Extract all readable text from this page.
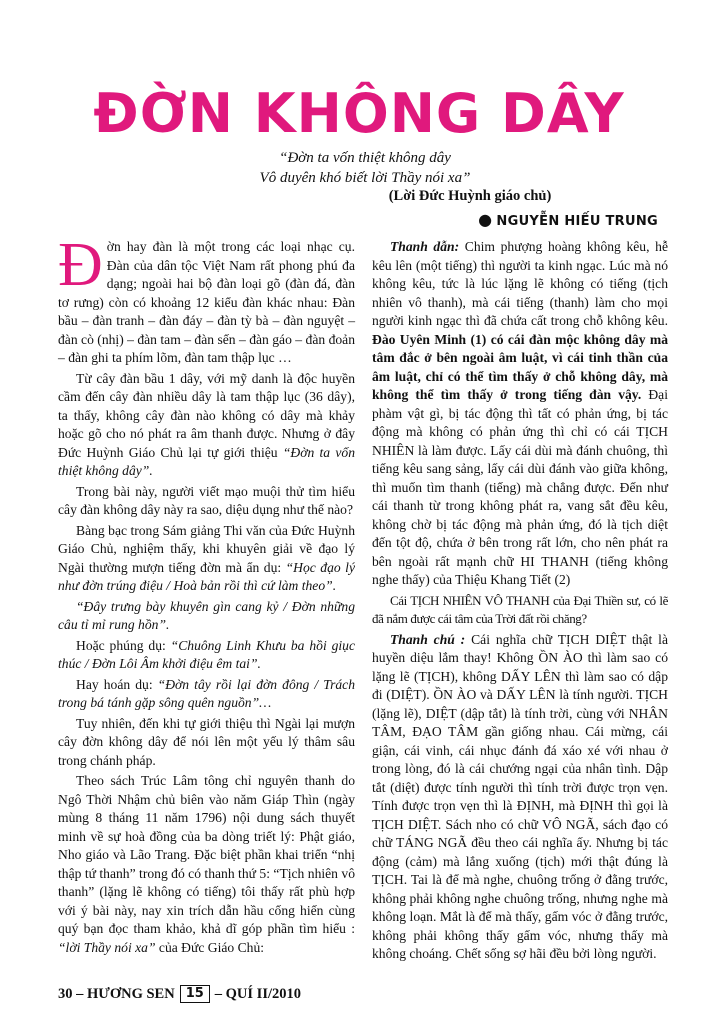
ĐỜN KHÔNG DÂY
“Đờn ta vốn thiệt không dây
Vô duyên khó biết lời Thầy nói xa”
(Lời Đức Huỳnh giáo chủ)
● NGUYỄN HIẾU TRUNG

Đờn hay đàn là một trong các loại nhạc cụ. Đàn của dân tộc Việt Nam rất phong phú đa dạng; ngoài hai bộ đàn loại gõ (đàn đá, đàn tơ rưng) còn có khoảng 12 kiểu đàn khác nhau: Đàn bầu – đàn tranh – đàn đáy – đàn tỳ bà – đàn nguyệt – đàn cò (nhị) – đàn tam – đàn sến – đàn gáo – đàn đoản – đàn ghi ta phím lõm, đàn tam thập lục …

Từ cây đàn bầu 1 dây, với mỹ danh là độc huyền cầm đến cây đàn nhiều dây là tam thập lục (36 dây), ta thấy, không cây đàn nào không có dây mà khảy hoặc gõ cho nó phát ra âm thanh được. Nhưng ở đây Đức Huỳnh Giáo Chủ lại tự giới thiệu “Đờn ta vốn thiệt không dây”.

Trong bài này, người viết mạo muội thử tìm hiểu cây đàn không dây này ra sao, diệu dụng như thế nào?

Bàng bạc trong Sám giảng Thi văn của Đức Huỳnh Giáo Chủ, nghiệm thấy, khi khuyên giải về đạo lý Ngài thường mượn tiếng đờn mà ẩn dụ: “Học đạo lý như đờn trúng điệu / Hoà bản rồi thì cứ làm theo”.

“Đây trưng bày khuyên gìn cang kỷ / Đờn những câu tỉ mỉ rung hồn”.

Hoặc phúng dụ: “Chuông Linh Khưu ba hồi giục thúc / Đờn Lôi Âm khởi điệu êm tai”.

Hay hoán dụ: “Đờn tây rồi lại đờn đông / Trách trong bá tánh gặp sông quên nguồn”…

Tuy nhiên, đến khi tự giới thiệu thì Ngài lại mượn cây đờn không dây để nói lên một yếu lý thâm sâu trong chánh pháp.

Theo sách Trúc Lâm tông chỉ nguyên thanh do Ngô Thời Nhậm chủ biên vào năm Giáp Thìn (ngày mùng 8 tháng 11 năm 1796) nội dung sách thuyết minh về sự hoà đồng của ba dòng triết lý: Phật giáo, Nho giáo và Lão Trang. Đặc biệt phần khai triển “nhị thập tứ thanh” trong đó có thanh thứ 5: “Tịch nhiên vô thanh” (lặng lẽ không có tiếng) tôi thấy rất phù hợp với ý bài này, nay xin trích dẫn hầu cống hiến cùng quý bạn đọc tham khảo, khả dĩ góp phần tìm hiểu : “lời Thầy nói xa” của Đức Giáo Chủ:

Thanh dẫn: Chim phượng hoàng không kêu, hễ kêu lên (một tiếng) thì người ta kinh ngạc. Lúc mà nó không kêu, tức là lúc lặng lẽ không có tiếng (tịch nhiên vô thanh), mà cái tiếng (thanh) làm cho mọi người kinh ngạc thì đã chứa cất trong chỗ không kêu. Đào Uyên Minh (1) có cái đàn mộc không dây mà tâm đắc ở bên ngoài âm luật, vì cái tinh thần của âm luật, chỉ có thể tìm thấy ở chỗ không dây, mà không thể tìm thấy ở trong tiếng đàn vậy. Đại phàm vật gì, bị tác động thì tất có phản ứng, bị tác động mà không có phản ứng thì chỉ có cái TỊCH NHIÊN là làm được. Lấy cái dùi mà đánh chuông, thì tiếng kêu sang sảng, lấy cái dùi đánh vào giữa không, thì muốn tìm thanh (tiếng) mà chẳng được. Đến như cái thanh từ trong không phát ra, vang sắt đều kêu, không chờ bị tác động mà phản ứng, đó là tịch diệt đến tột độ, chứa ở bên trong rất lớn, cho nên phát ra bên ngoài rất mạnh chữ HI THANH (tiếng không nghe thấy) của Thiệu Khang Tiết (2)

Cái TỊCH NHIÊN VÔ THANH của Đại Thiền sư, có lẽ đã nắm được cái tâm của Trời đất rồi chăng?

Thanh chú : Cái nghĩa chữ TỊCH DIỆT thật là huyền diệu lắm thay! Không ỒN ÀO thì làm sao có lặng lẽ (TỊCH), không DẤY LÊN thì làm sao có dập đi (DIỆT). ỒN ÀO và DẤY LÊN là tính người. TỊCH (lặng lẽ), DIỆT (dập tắt) là tính trời, cùng với NHÂN TÂM, ĐẠO TÂM gần giống nhau. Cái mừng, cái giận, cái vinh, cái nhục đánh đá xáo xé với nhau ở trong lòng, đó là cái chướng ngại của nhân tình. Dập tắt (diệt) được tính người thì tính trời được trọn vẹn. Tính được trọn vẹn thì là ĐỊNH, mà ĐỊNH thì gọi là TỊCH DIỆT. Sách nho có chữ VÔ NGÃ, sách đạo có chữ TÁNG NGÃ đều theo cái nghĩa ấy. Nhưng bị tác động (cảm) mà lắng xuống (tịch) mới thật đúng là TỊCH. Tai là để mà nghe, chuông trống ở đằng trước, không phải không nghe chuông trống, nhưng nghe mà không loạn. Mắt là để mà thấy, gấm vóc ở đằng trước, không phải không thấy gấm vóc, nhưng thấy mà không choáng. Chết sống sợ hãi đều bởi lòng người.

30 – HƯƠNG SEN 15 – QUÍ II/2010
